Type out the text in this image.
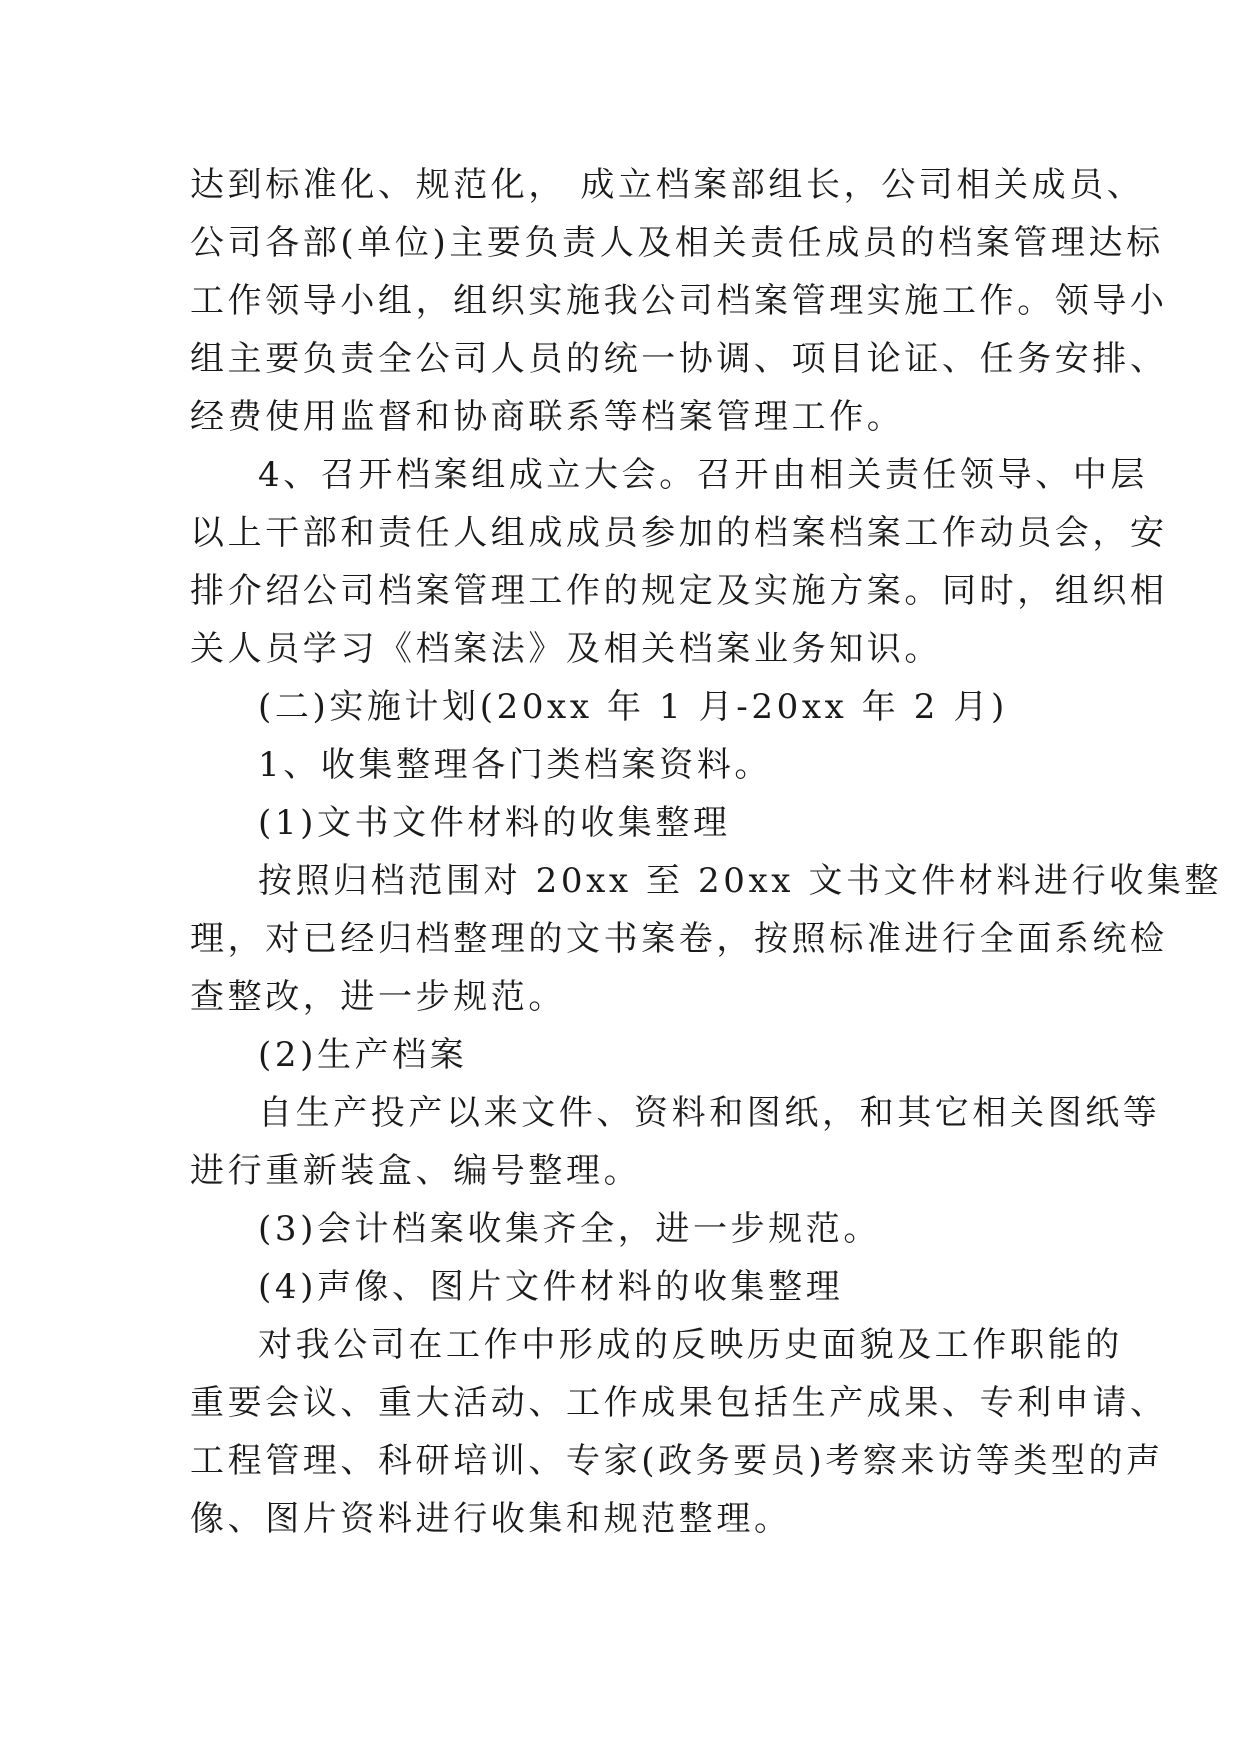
达到标准化、规范化， 成立档案部组长，公司相关成员、
公司各部(单位)主要负责人及相关责任成员的档案管理达标
工作领导小组，组织实施我公司档案管理实施工作。领导小
组主要负责全公司人员的统一协调、项目论证、任务安排、
经费使用监督和协商联系等档案管理工作。
4、召开档案组成立大会。召开由相关责任领导、中层
以上干部和责任人组成成员参加的档案档案工作动员会，安
排介绍公司档案管理工作的规定及实施方案。同时，组织相
关人员学习《档案法》及相关档案业务知识。
(二)实施计划(20xx 年 1 月-20xx 年 2 月)
1、收集整理各门类档案资料。
(1)文书文件材料的收集整理
按照归档范围对 20xx 至 20xx 文书文件材料进行收集整
理，对已经归档整理的文书案卷，按照标准进行全面系统检
查整改，进一步规范。
(2)生产档案
自生产投产以来文件、资料和图纸，和其它相关图纸等
进行重新装盒、编号整理。
(3)会计档案收集齐全，进一步规范。
(4)声像、图片文件材料的收集整理
对我公司在工作中形成的反映历史面貌及工作职能的
重要会议、重大活动、工作成果包括生产成果、专利申请、
工程管理、科研培训、专家(政务要员)考察来访等类型的声
像、图片资料进行收集和规范整理。
